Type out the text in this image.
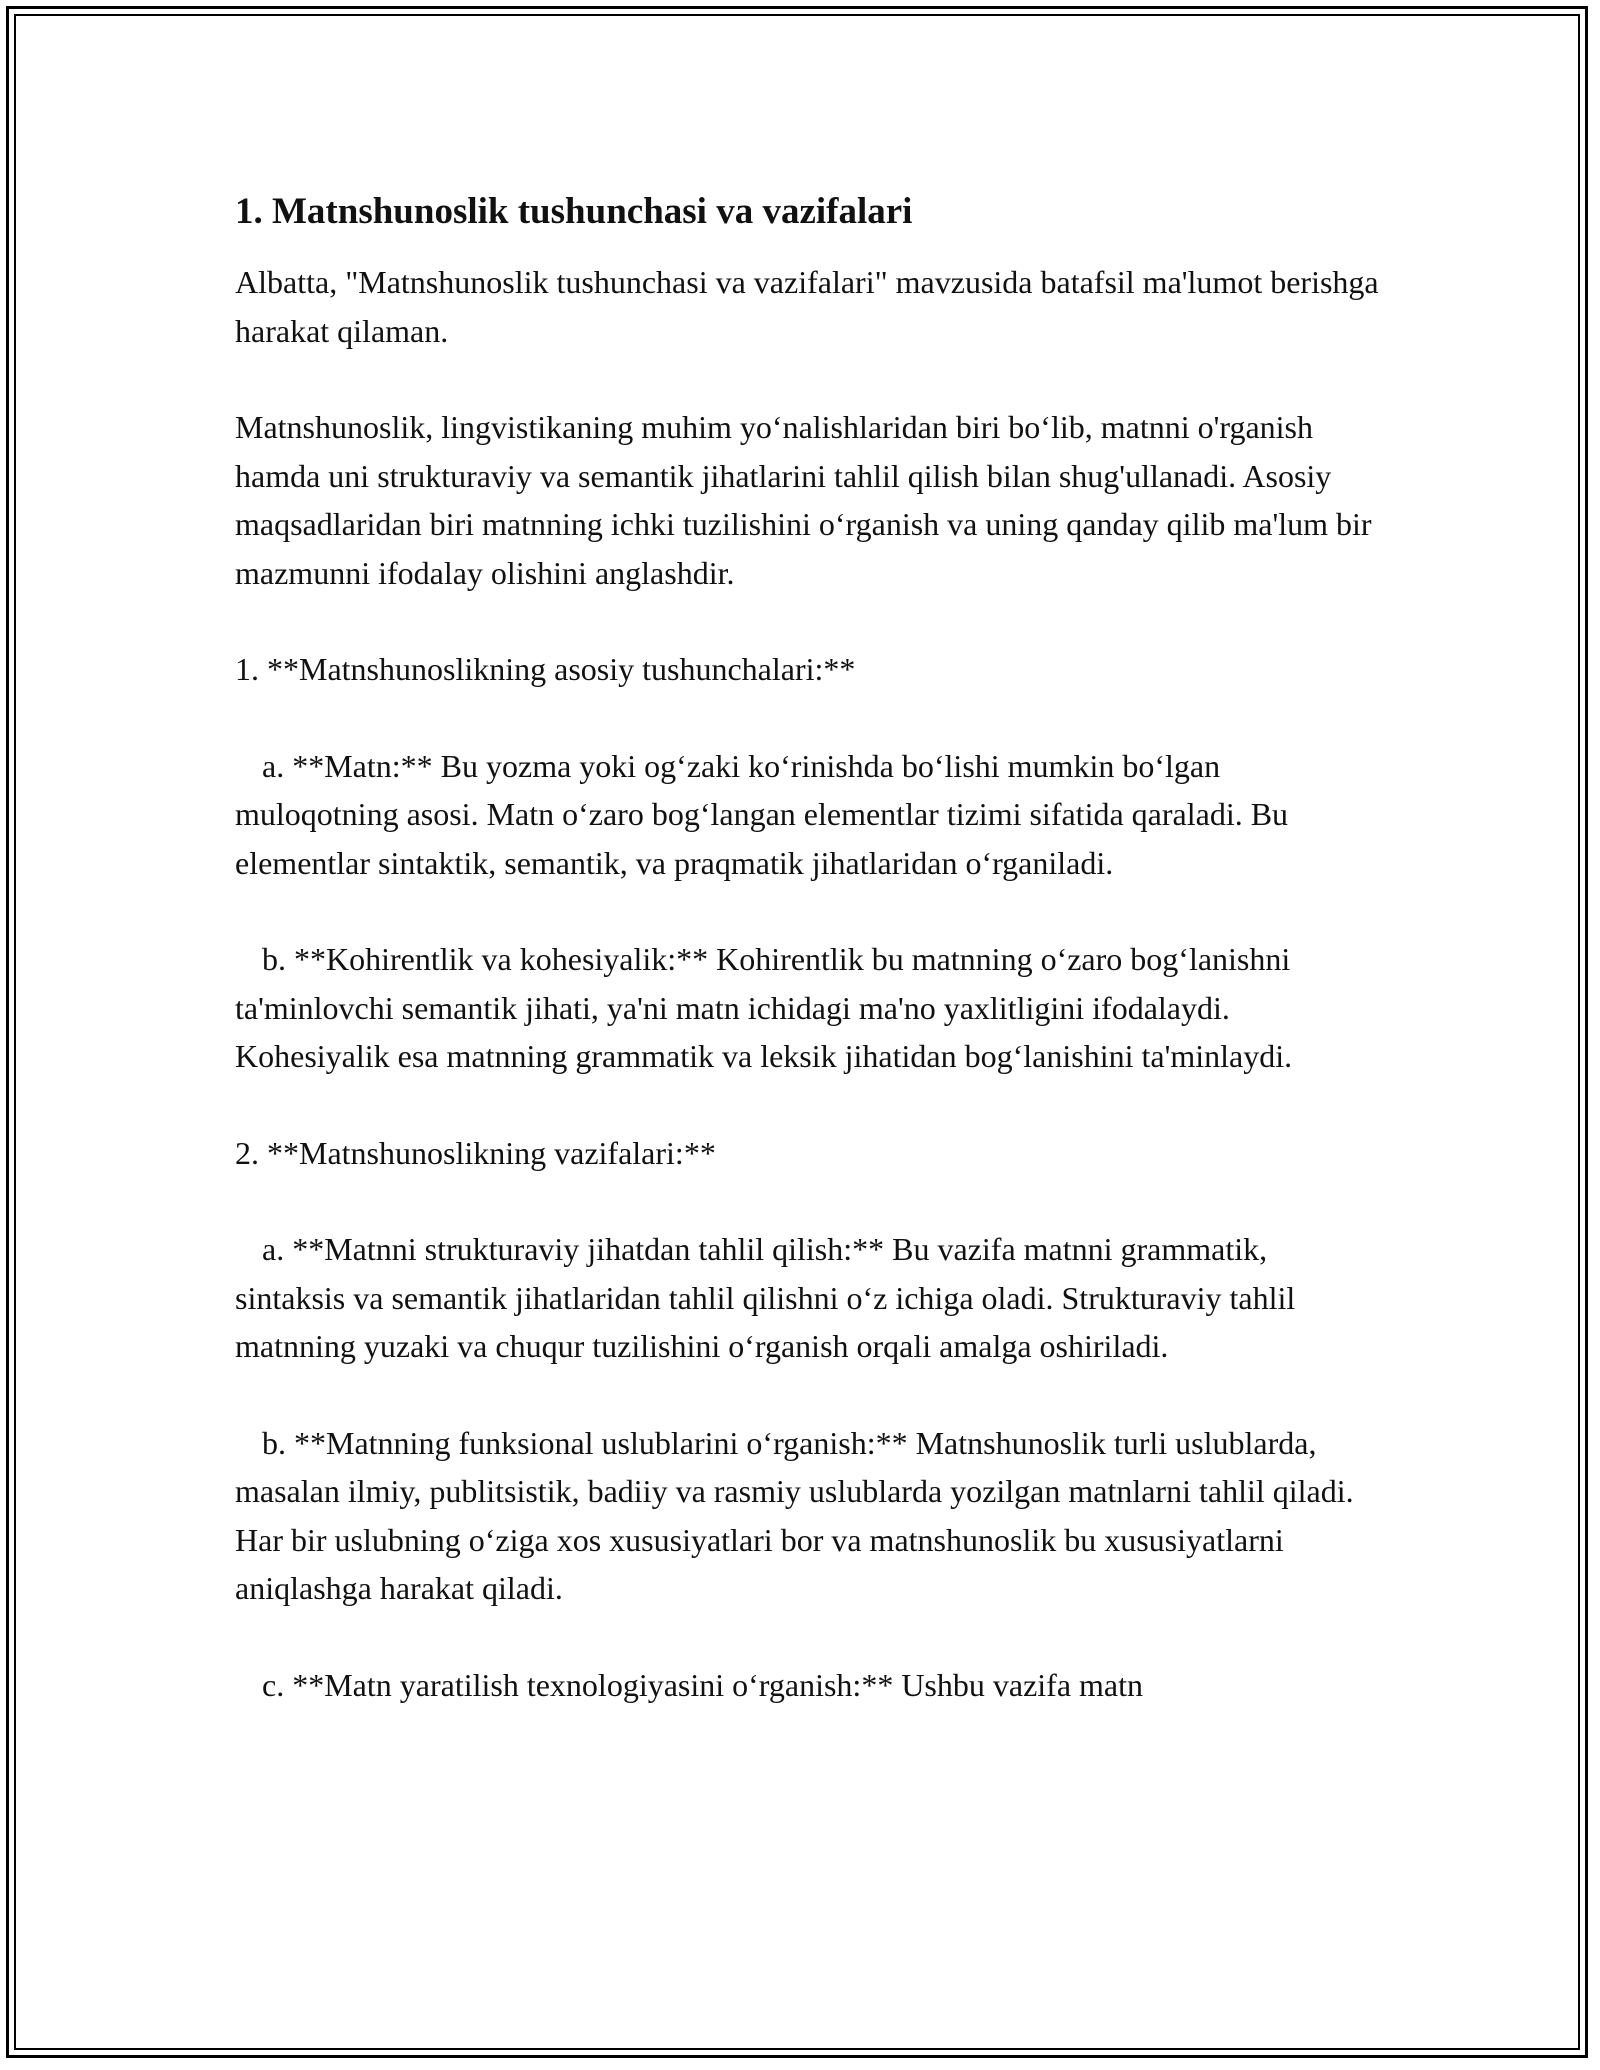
1. Matnshunoslik tushunchasi va vazifalari

Albatta, "Matnshunoslik tushunchasi va vazifalari" mavzusida batafsil ma'lumot berishga harakat qilaman.

Matnshunoslik, lingvistikaning muhim yo‘nalishlaridan biri bo‘lib, matnni o'rganish hamda uni strukturaviy va semantik jihatlarini tahlil qilish bilan shug'ullanadi. Asosiy maqsadlaridan biri matnning ichki tuzilishini o‘rganish va uning qanday qilib ma'lum bir mazmunni ifodalay olishini anglashdir.

1. **Matnshunoslikning asosiy tushunchalari:**

a. **Matn:** Bu yozma yoki og‘zaki ko‘rinishda bo‘lishi mumkin bo‘lgan muloqotning asosi. Matn o‘zaro bog‘langan elementlar tizimi sifatida qaraladi. Bu elementlar sintaktik, semantik, va praqmatik jihatlaridan o‘rganiladi.

b. **Kohirentlik va kohesiyalik:** Kohirentlik bu matnning o‘zaro bog‘lanishni ta'minlovchi semantik jihati, ya'ni matn ichidagi ma'no yaxlitligini ifodalaydi. Kohesiyalik esa matnning grammatik va leksik jihatidan bog‘lanishini ta'minlaydi.

2. **Matnshunoslikning vazifalari:**

a. **Matnni strukturaviy jihatdan tahlil qilish:** Bu vazifa matnni grammatik, sintaksis va semantik jihatlaridan tahlil qilishni o‘z ichiga oladi. Strukturaviy tahlil matnning yuzaki va chuqur tuzilishini o‘rganish orqali amalga oshiriladi.

b. **Matnning funksional uslublarini o‘rganish:** Matnshunoslik turli uslublarda, masalan ilmiy, publitsistik, badiiy va rasmiy uslublarda yozilgan matnlarni tahlil qiladi. Har bir uslubning o‘ziga xos xususiyatlari bor va matnshunoslik bu xususiyatlarni aniqlashga harakat qiladi.

c. **Matn yaratilish texnologiyasini o‘rganish:** Ushbu vazifa matn
